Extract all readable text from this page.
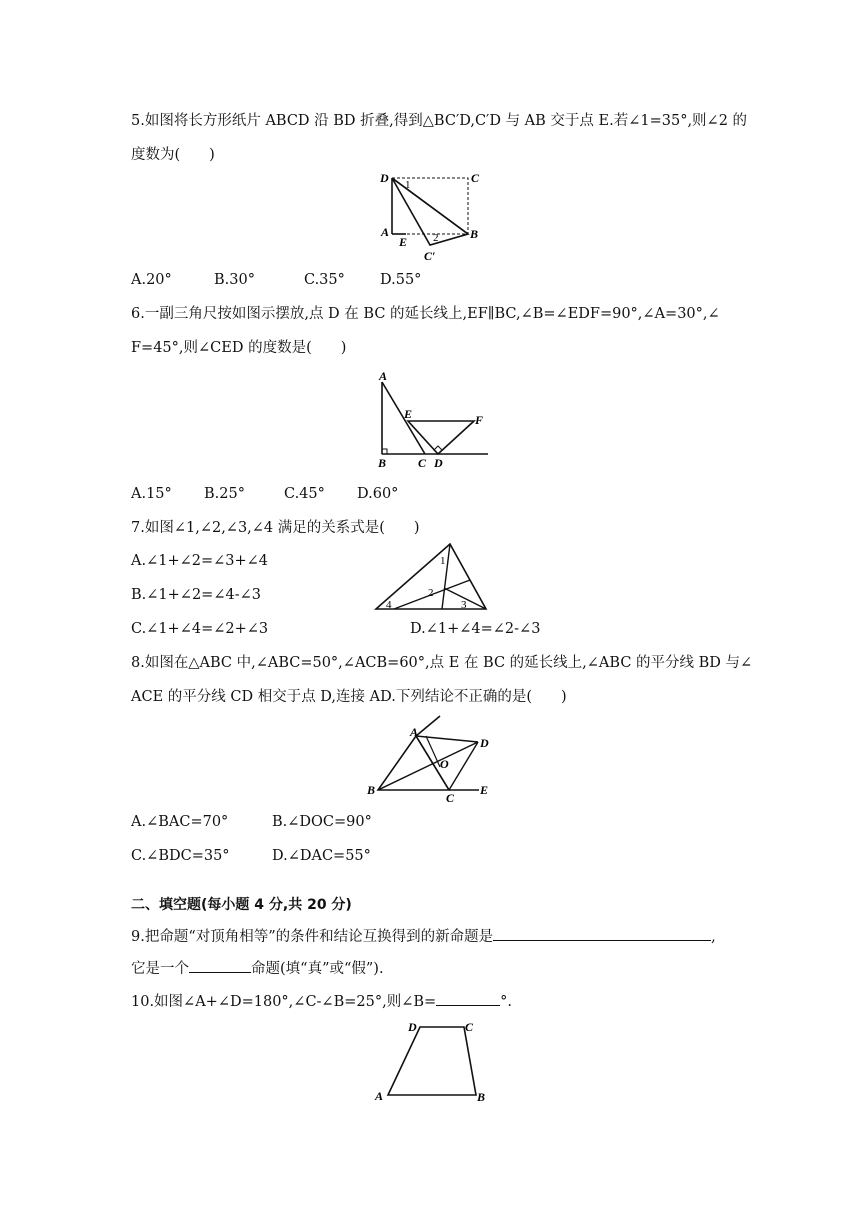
5.如图将长方形纸片 ABCD 沿 BD 折叠,得到△BC′D,C′D 与 AB 交于点 E.若∠1=35°,则∠2 的
度数为(　　)
D	C
A
E
B
C′
1
2
A.20°	B.30°	C.35° D.55°
6.一副三角尺按如图示摆放,点 D 在 BC 的延长线上,EF∥BC,∠B=∠EDF=90°,∠A=30°,∠
F=45°,则∠CED 的度数是(　　)
A
E	F
B	C D
A.15° B.25°	C.45° D.60°
7.如图∠1,∠2,∠3,∠4 满足的关系式是(　　)
A.∠1+∠2=∠3+∠4
B.∠1+∠2=∠4-∠3
1
2
3
4
C.∠1+∠4=∠2+∠3	D.∠1+∠4=∠2-∠3
8.如图在△ABC 中,∠ABC=50°,∠ACB=60°,点 E 在 BC 的延长线上,∠ABC 的平分线 BD 与∠
ACE 的平分线 CD 相交于点 D,连接 AD.下列结论不正确的是(　　)
A
D
O
B
C
E
A.∠BAC=70°	B.∠DOC=90°
C.∠BDC=35°	D.∠DAC=55°
二、填空题(每小题 4 分,共 20 分)
9.把命题“对顶角相等”的条件和结论互换得到的新命题是	,
它是一个	命题(填“真”或“假”).
10.如图∠A+∠D=180°,∠C-∠B=25°,则∠B=	°.
D	C
A	B
